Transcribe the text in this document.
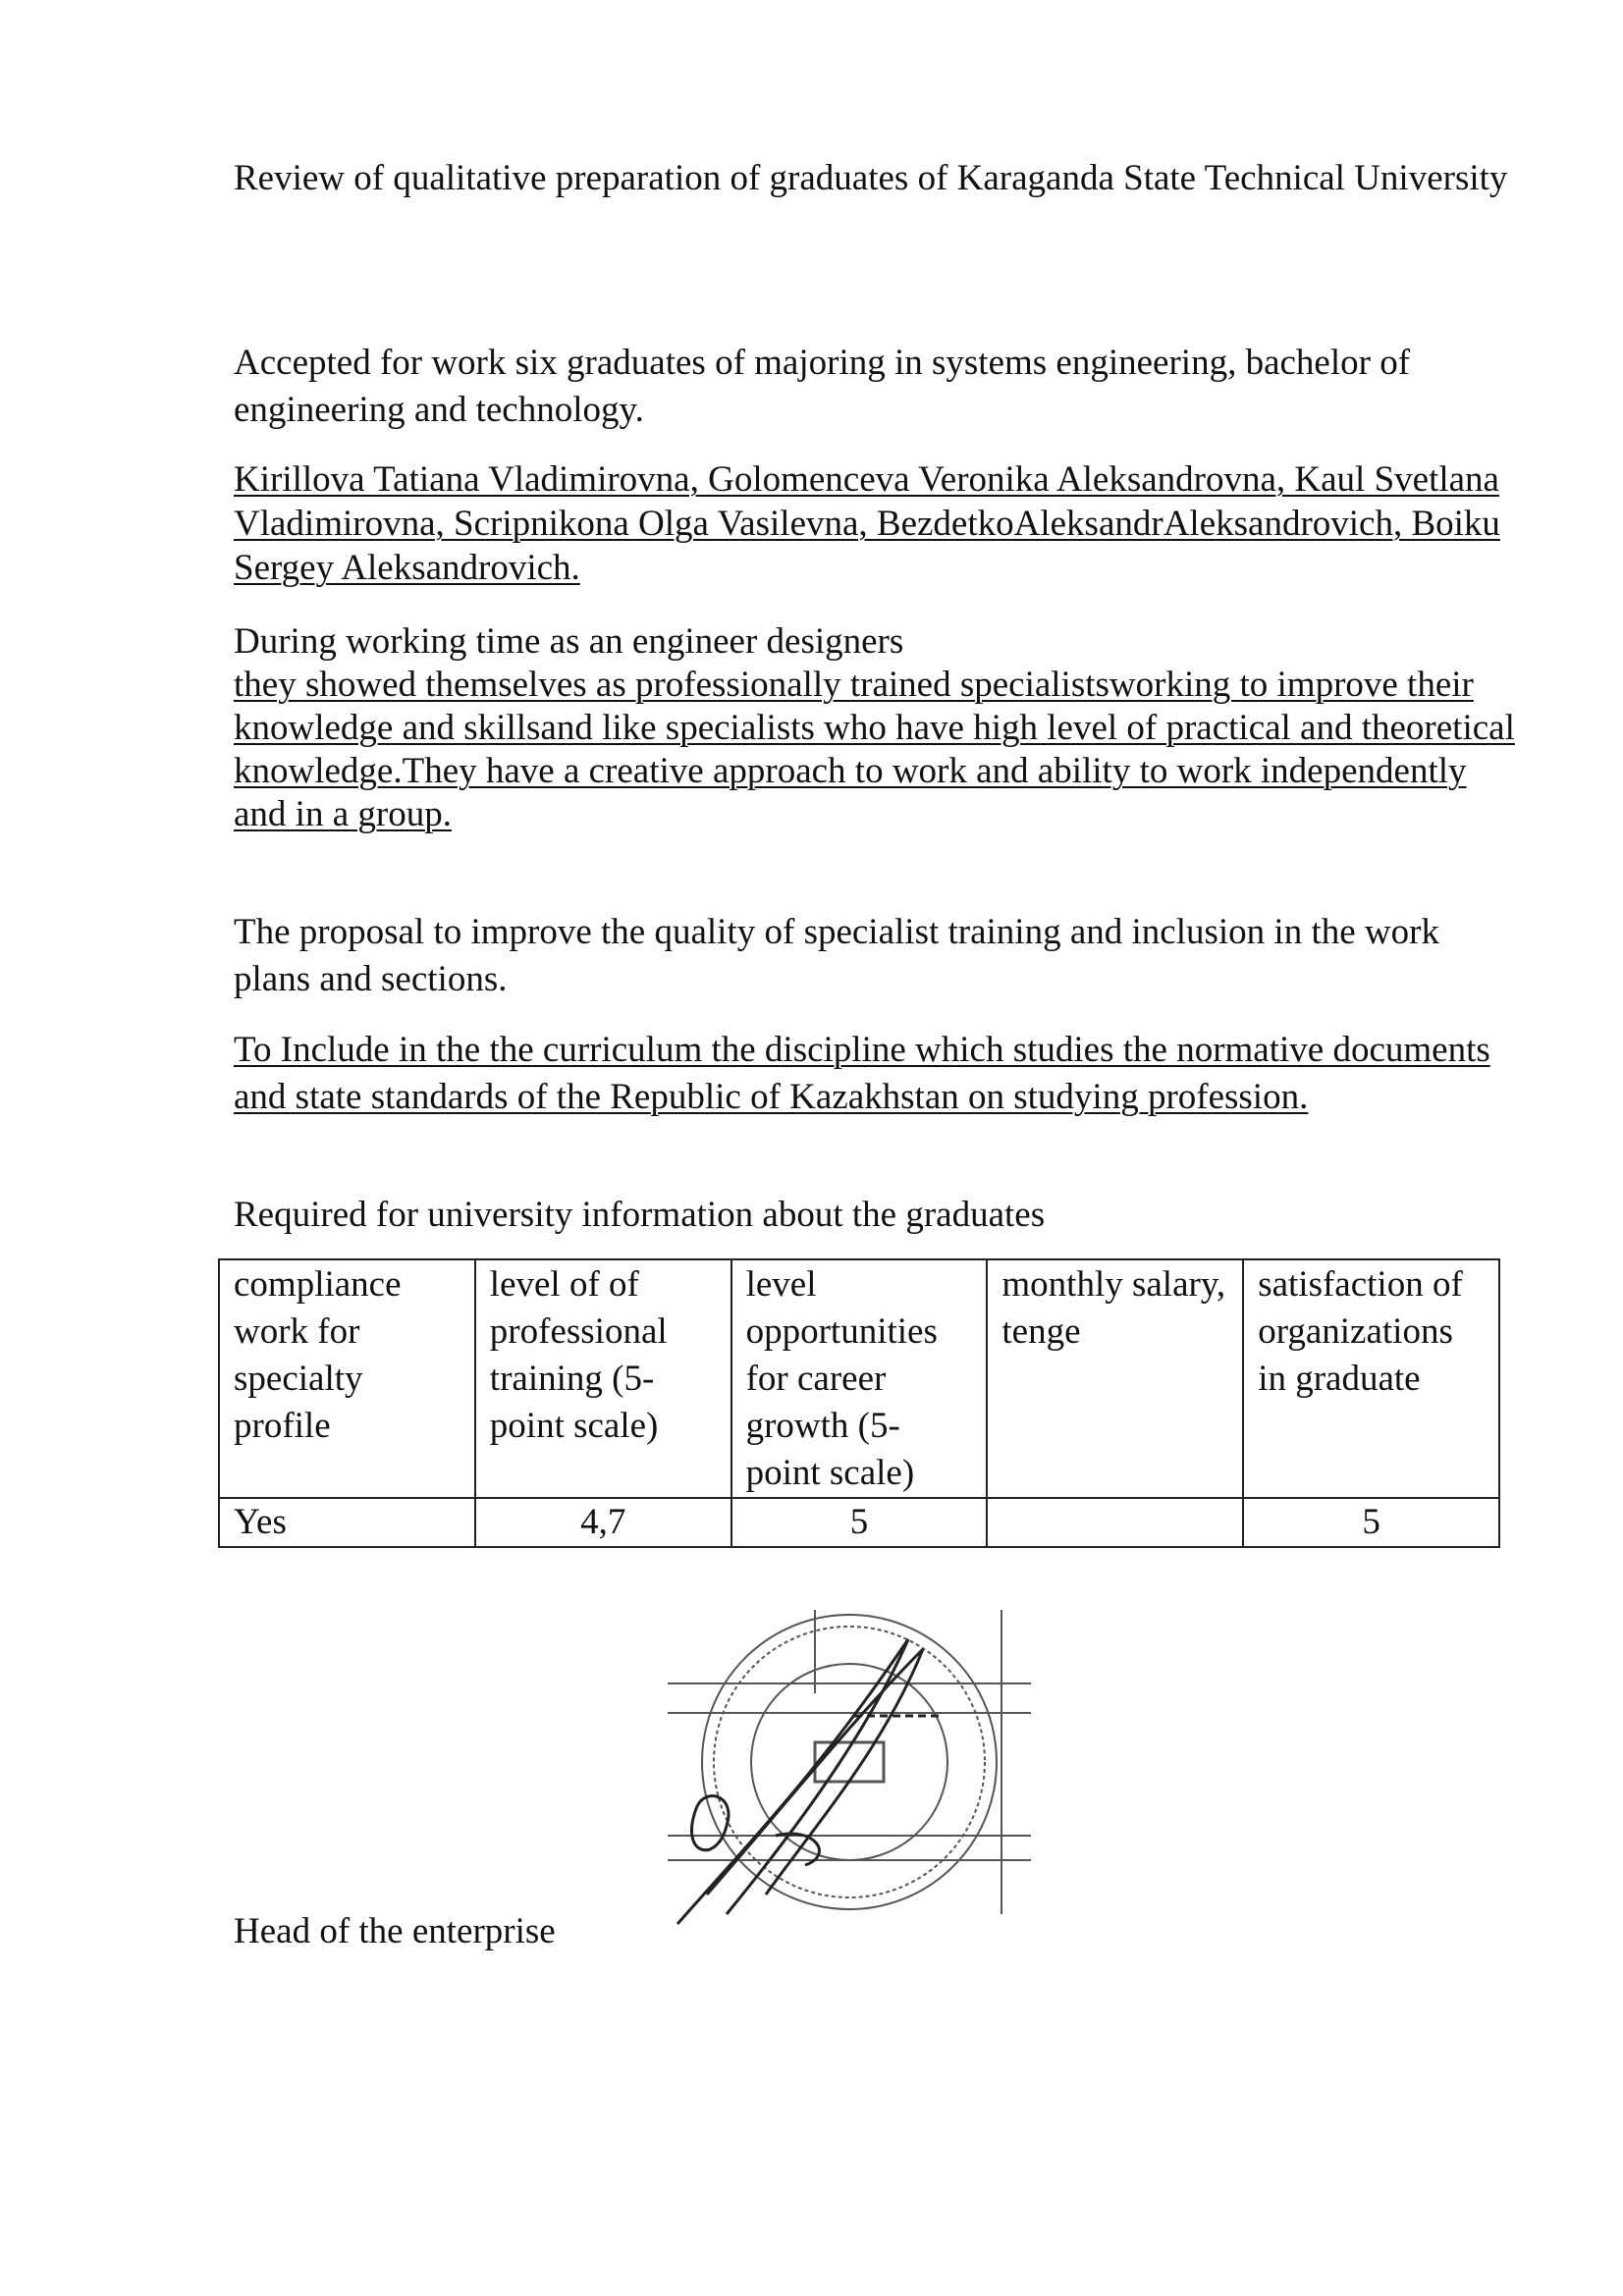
Review of qualitative preparation of graduates of Karaganda State Technical University

Accepted for work six graduates of majoring in systems engineering, bachelor of engineering and technology.

Kirillova Tatiana Vladimirovna, Golomenceva Veronika Aleksandrovna, Kaul Svetlana Vladimirovna, Scripnikona Olga Vasilevna, BezdetkoAleksandrAleksandrovich, Boiku Sergey Aleksandrovich.

During working time as an engineer designers

they showed themselves as professionally trained specialistsworking to improve their knowledge and skillsand like specialists who have high level of practical and theoretical knowledge.They have a creative approach to work and ability to work independently and in a group.

The proposal to improve the quality of specialist training and inclusion in the work plans and sections.

To Include in the the curriculum the discipline which studies the normative documents and state standards of the Republic of Kazakhstan on studying profession.

Required for university information about the graduates

compliance work for specialty profile	level of of professional training (5-point scale)	level opportunities for career growth (5-point scale)	monthly salary, tenge	satisfaction of organizations in graduate
Yes	4,7	5		5

Head of the enterprise
